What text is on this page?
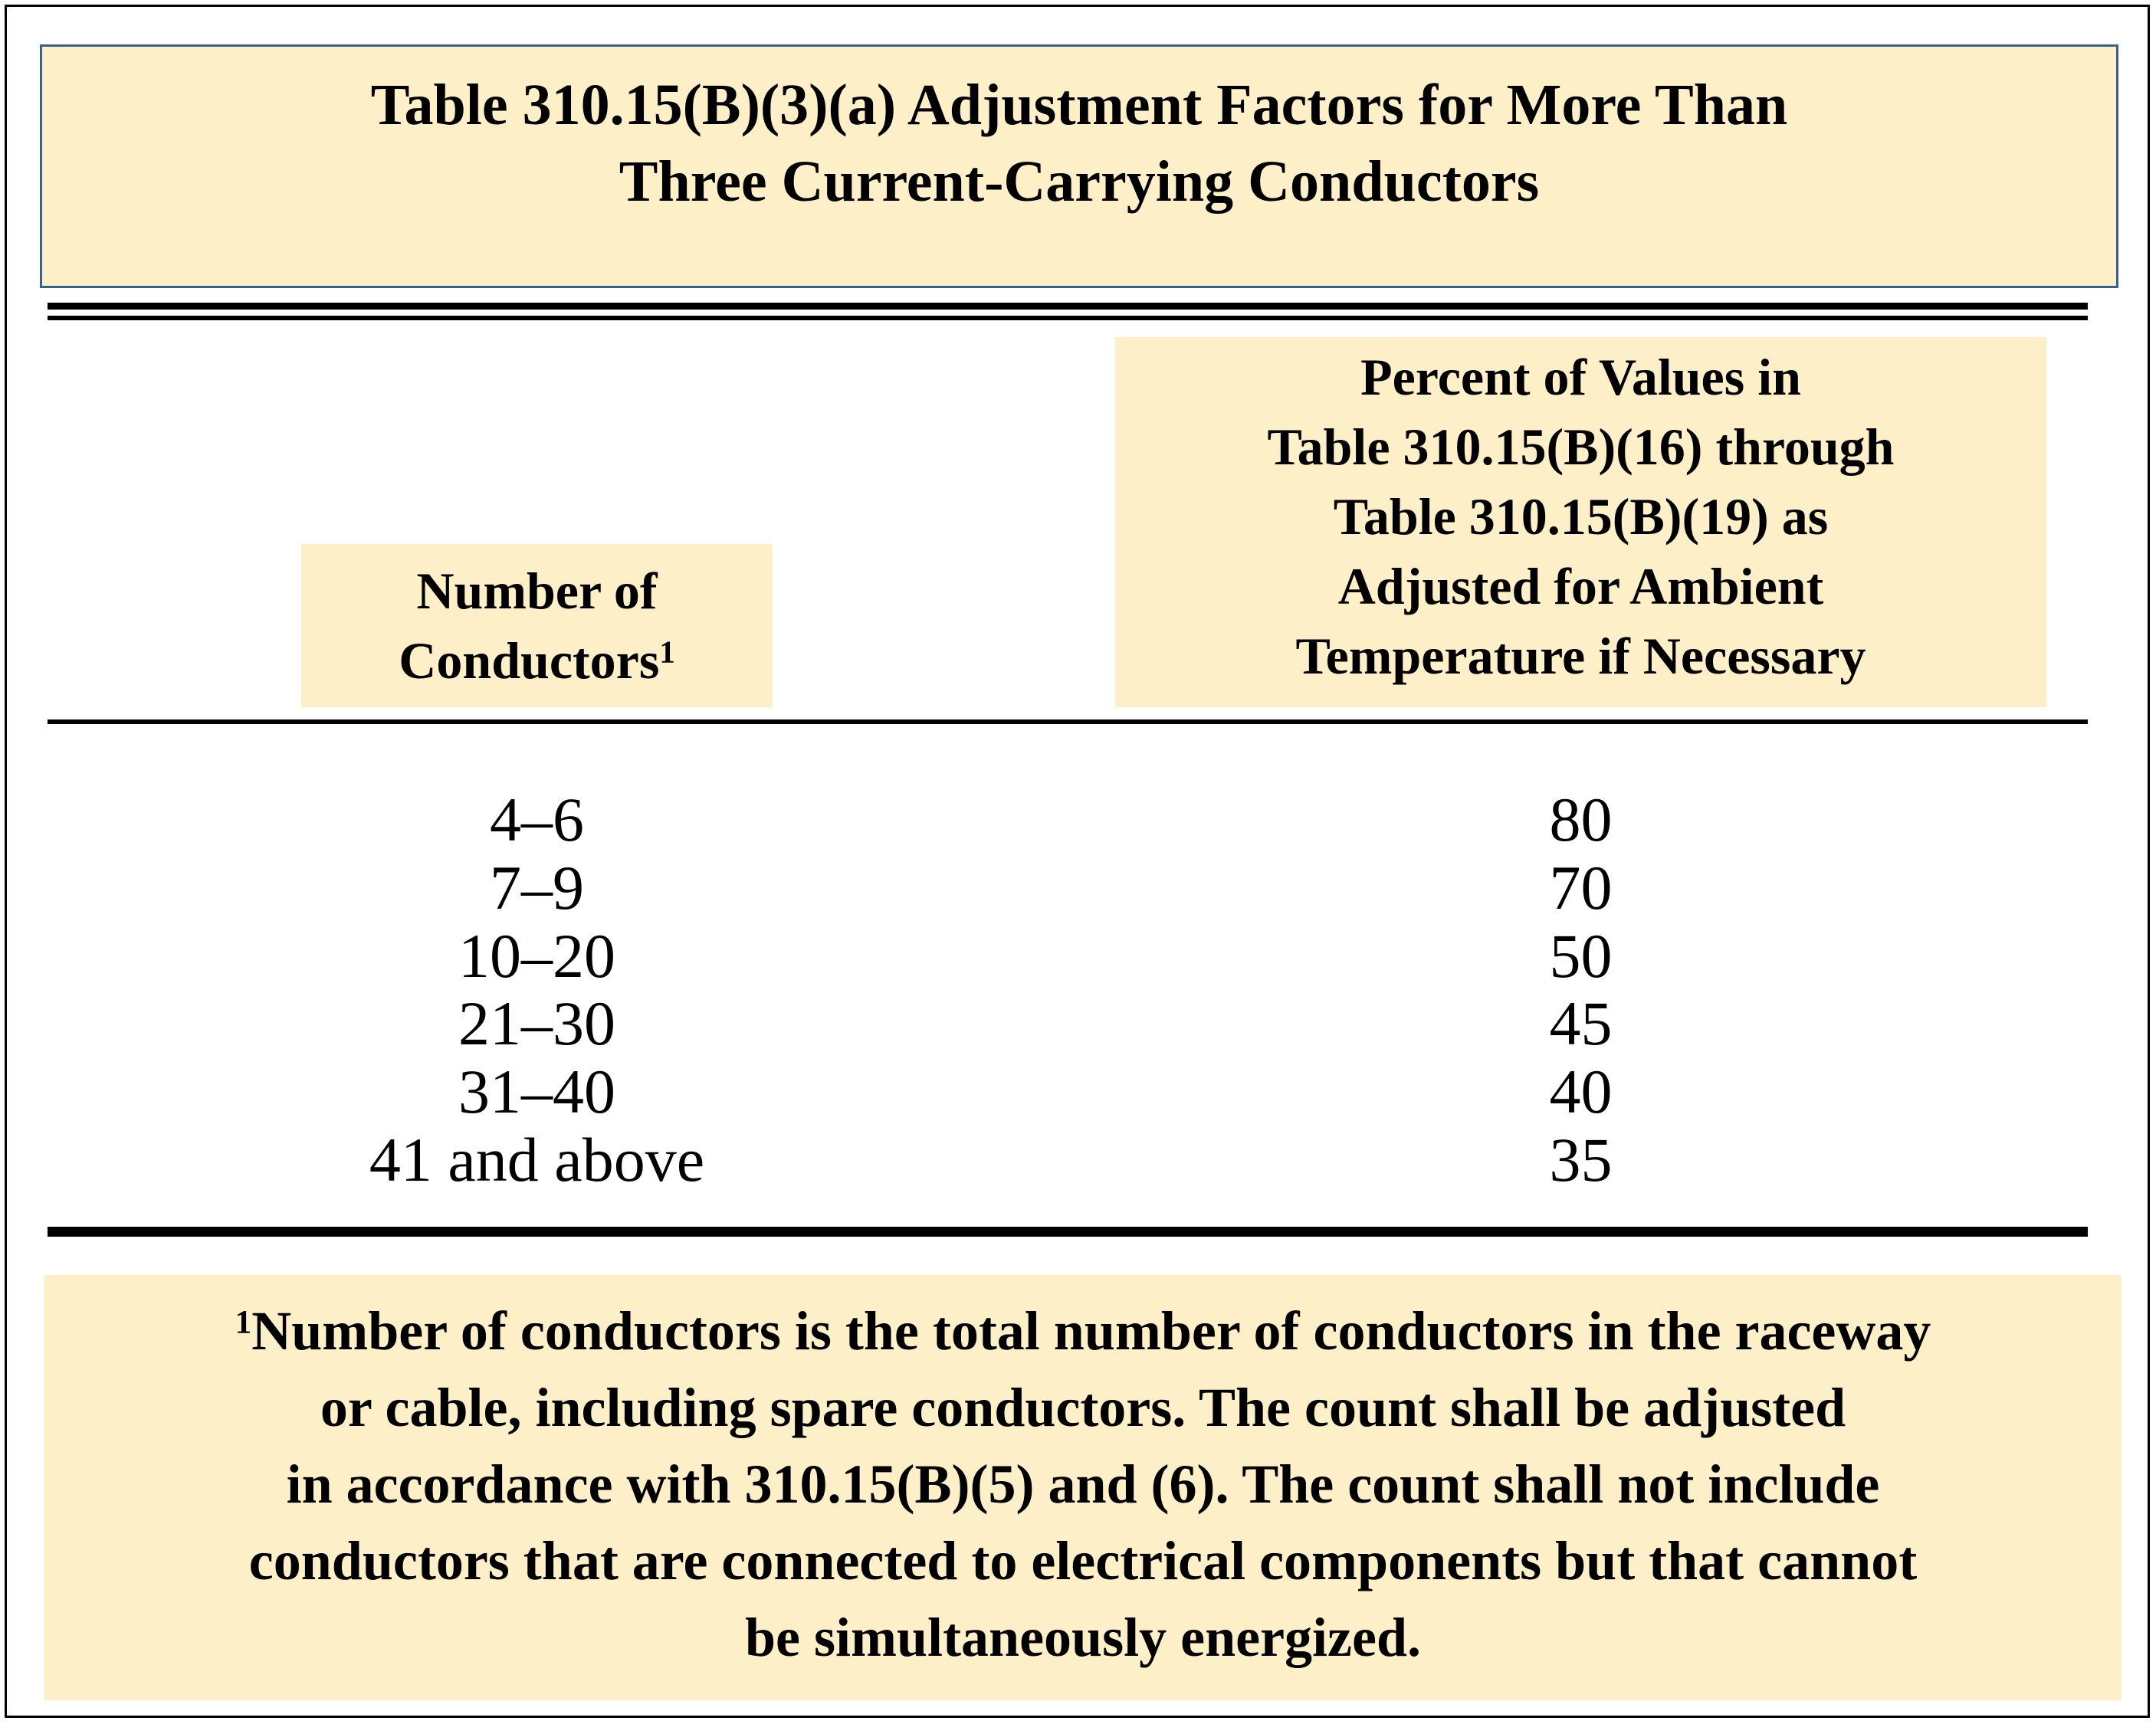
Table 310.15(B)(3)(a) Adjustment Factors for More Than
Three Current-Carrying Conductors
Number of
Conductors$^1$
Percent of Values in
Table 310.15(B)(16) through
Table 310.15(B)(19) as
Adjusted for Ambient
Temperature if Necessary
4–6
7–9
10–20
21–30
31–40
41 and above
80
70
50
45
40
35
$^1$Number of conductors is the total number of conductors in the raceway
or cable, including spare conductors. The count shall be adjusted
in accordance with 310.15(B)(5) and (6). The count shall not include
conductors that are connected to electrical components but that cannot
be simultaneously energized.
